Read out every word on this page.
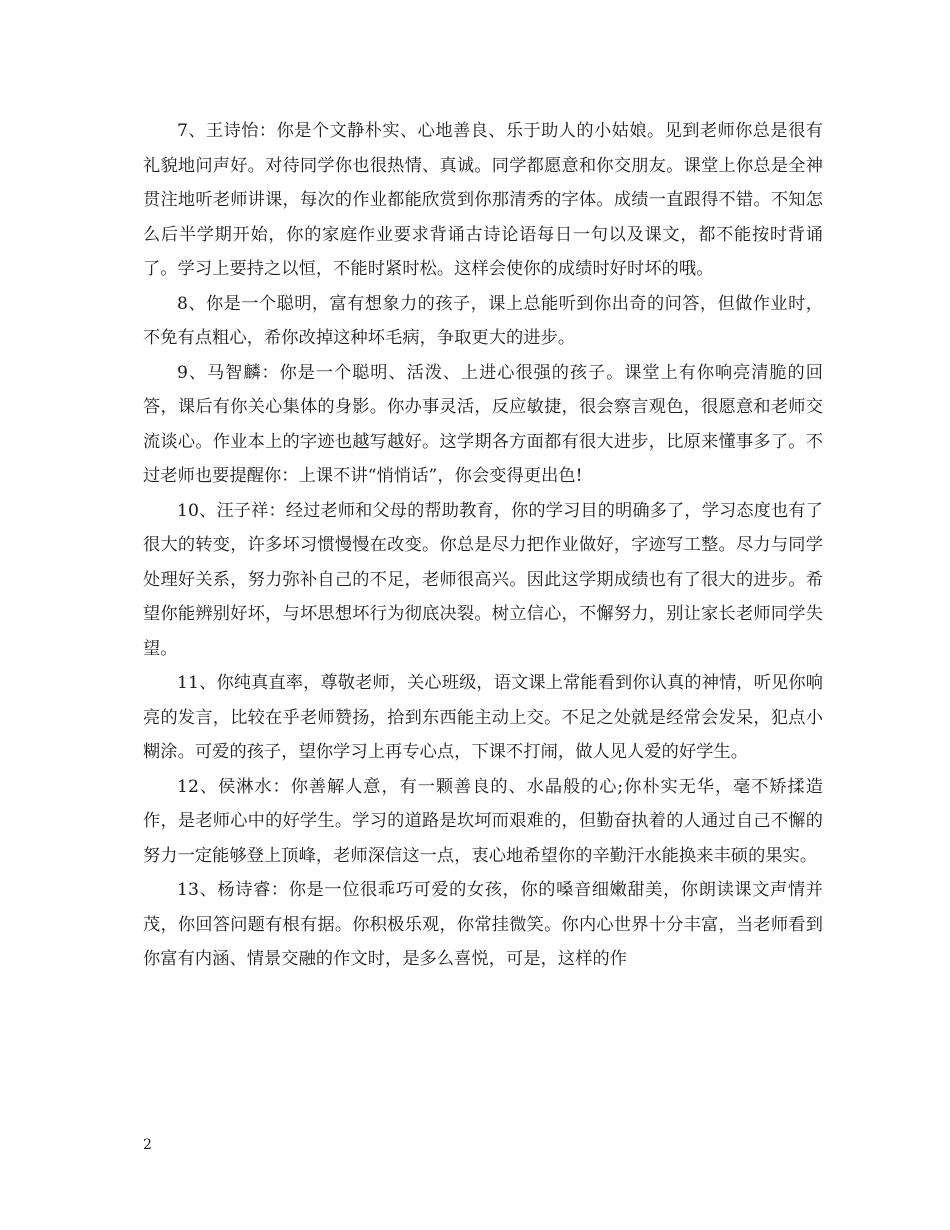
7、王诗怡：你是个文静朴实、心地善良、乐于助人的小姑娘。见到老师你总是很有礼貌地问声好。对待同学你也很热情、真诚。同学都愿意和你交朋友。课堂上你总是全神贯注地听老师讲课，每次的作业都能欣赏到你那清秀的字体。成绩一直跟得不错。不知怎么后半学期开始，你的家庭作业要求背诵古诗论语每日一句以及课文，都不能按时背诵了。学习上要持之以恒，不能时紧时松。这样会使你的成绩时好时坏的哦。

8、你是一个聪明，富有想象力的孩子，课上总能听到你出奇的问答，但做作业时，不免有点粗心，希你改掉这种坏毛病，争取更大的进步。

9、马智麟：你是一个聪明、活泼、上进心很强的孩子。课堂上有你响亮清脆的回答，课后有你关心集体的身影。你办事灵活，反应敏捷，很会察言观色，很愿意和老师交流谈心。作业本上的字迹也越写越好。这学期各方面都有很大进步，比原来懂事多了。不过老师也要提醒你：上课不讲“悄悄话”，你会变得更出色!

10、汪子祥：经过老师和父母的帮助教育，你的学习目的明确多了，学习态度也有了很大的转变，许多坏习惯慢慢在改变。你总是尽力把作业做好，字迹写工整。尽力与同学处理好关系，努力弥补自己的不足，老师很高兴。因此这学期成绩也有了很大的进步。希望你能辨别好坏，与坏思想坏行为彻底决裂。树立信心，不懈努力，别让家长老师同学失望。

11、你纯真直率，尊敬老师，关心班级，语文课上常能看到你认真的神情，听见你响亮的发言，比较在乎老师赞扬，拾到东西能主动上交。不足之处就是经常会发呆，犯点小糊涂。可爱的孩子，望你学习上再专心点，下课不打闹，做人见人爱的好学生。

12、侯淋水：你善解人意，有一颗善良的、水晶般的心;你朴实无华，毫不矫揉造作，是老师心中的好学生。学习的道路是坎坷而艰难的，但勤奋执着的人通过自己不懈的努力一定能够登上顶峰，老师深信这一点，衷心地希望你的辛勤汗水能换来丰硕的果实。

13、杨诗睿：你是一位很乖巧可爱的女孩，你的嗓音细嫩甜美，你朗读课文声情并茂，你回答问题有根有据。你积极乐观，你常挂微笑。你内心世界十分丰富，当老师看到你富有内涵、情景交融的作文时，是多么喜悦，可是，这样的作

2
